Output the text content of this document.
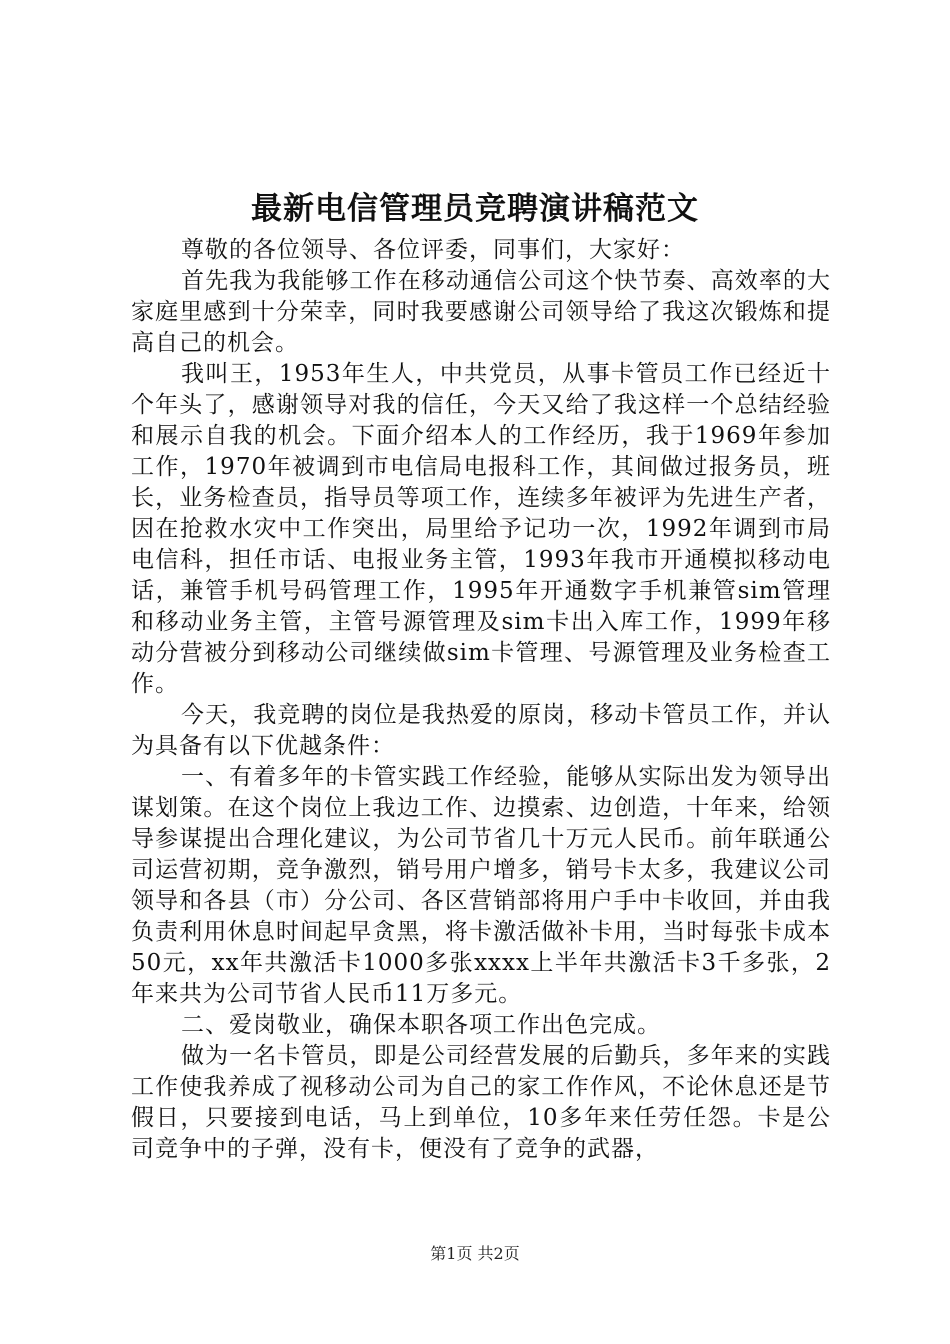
最新电信管理员竞聘演讲稿范文

尊敬的各位领导、各位评委，同事们，大家好：

首先我为我能够工作在移动通信公司这个快节奏、高效率的大家庭里感到十分荣幸，同时我要感谢公司领导给了我这次锻炼和提高自己的机会。

我叫王，1953年生人，中共党员，从事卡管员工作已经近十个年头了，感谢领导对我的信任，今天又给了我这样一个总结经验和展示自我的机会。下面介绍本人的工作经历，我于1969年参加工作，1970年被调到市电信局电报科工作，其间做过报务员，班长，业务检查员，指导员等项工作，连续多年被评为先进生产者，因在抢救水灾中工作突出，局里给予记功一次，1992年调到市局电信科，担任市话、电报业务主管，1993年我市开通模拟移动电话，兼管手机号码管理工作，1995年开通数字手机兼管sim管理和移动业务主管，主管号源管理及sim卡出入库工作，1999年移动分营被分到移动公司继续做sim卡管理、号源管理及业务检查工作。

今天，我竞聘的岗位是我热爱的原岗，移动卡管员工作，并认为具备有以下优越条件：

一、有着多年的卡管实践工作经验，能够从实际出发为领导出谋划策。在这个岗位上我边工作、边摸索、边创造，十年来，给领导参谋提出合理化建议，为公司节省几十万元人民币。前年联通公司运营初期，竞争激烈，销号用户增多，销号卡太多，我建议公司领导和各县（市）分公司、各区营销部将用户手中卡收回，并由我负责利用休息时间起早贪黑，将卡激活做补卡用，当时每张卡成本50元，xx年共激活卡1000多张xxxx上半年共激活卡3千多张，2年来共为公司节省人民币11万多元。

二、爱岗敬业，确保本职各项工作出色完成。

做为一名卡管员，即是公司经营发展的后勤兵，多年来的实践工作使我养成了视移动公司为自己的家工作作风，不论休息还是节假日，只要接到电话，马上到单位，10多年来任劳任怨。卡是公司竞争中的子弹，没有卡，便没有了竞争的武器，

第1页 共2页
